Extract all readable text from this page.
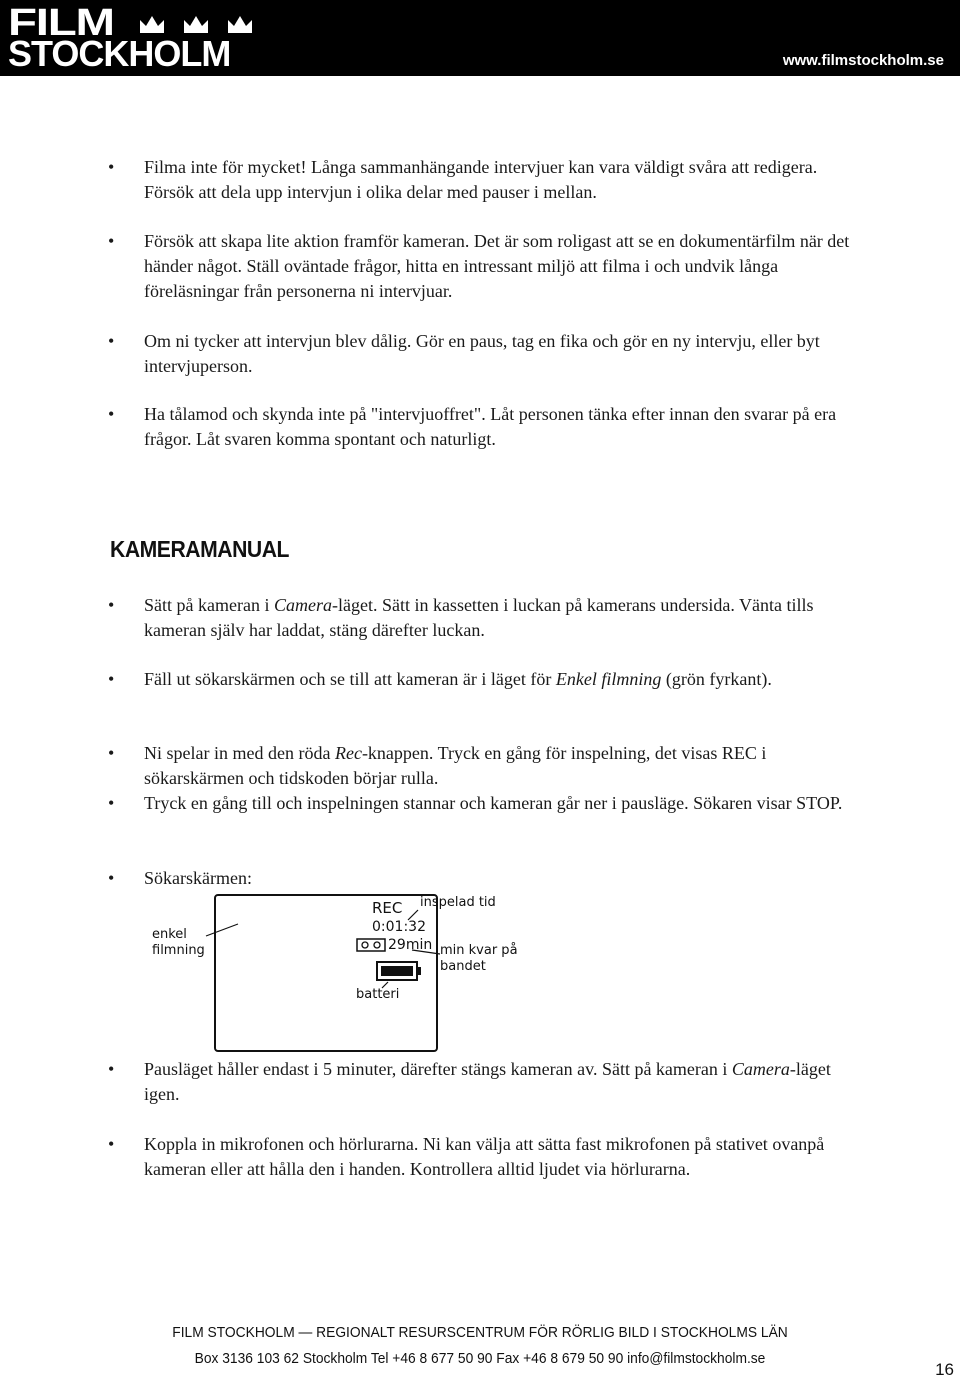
FILM
STOCKHOLM	www.filmstockholm.se
• Filma inte för mycket! Långa sammanhängande intervjuer kan vara väldigt svåra att redigera. Försök att dela upp intervjun i olika delar med pauser i mellan.
• Försök att skapa lite aktion framför kameran. Det är som roligast att se en dokumentärfilm när det händer något. Ställ oväntade frågor, hitta en intressant miljö att filma i och undvik långa föreläsningar från personerna ni intervjuar.
• Om ni tycker att intervjun blev dålig. Gör en paus, tag en fika och gör en ny intervju, eller byt intervjuperson.
• Ha tålamod och skynda inte på "intervjuoffret". Låt personen tänka efter innan den svarar på era frågor. Låt svaren komma spontant och naturligt.
KAMERAMANUAL
• Sätt på kameran i Camera-läget. Sätt in kassetten i luckan på kamerans undersida. Vänta tills kameran själv har laddat, stäng därefter luckan.
• Fäll ut sökarskärmen och se till att kameran är i läget för Enkel filmning (grön fyrkant).
• Ni spelar in med den röda Rec-knappen. Tryck en gång för inspelning, det visas REC i sökarskärmen och tidskoden börjar rulla.
• Tryck en gång till och inspelningen stannar och kameran går ner i pausläge. Sökaren visar STOP.
• Sökarskärmen:
REC inspelad tid
0:01:32
29min min kvar på
bandet
batteri
enkel
filmning
• Pausläget håller endast i 5 minuter, därefter stängs kameran av. Sätt på kameran i Camera-läget igen.
• Koppla in mikrofonen och hörlurarna. Ni kan välja att sätta fast mikrofonen på stativet ovanpå kameran eller att hålla den i handen. Kontrollera alltid ljudet via hörlurarna.
FILM STOCKHOLM — REGIONALT RESURSCENTRUM FÖR RÖRLIG BILD I STOCKHOLMS LÄN
Box 3136 103 62 Stockholm Tel +46 8 677 50 90 Fax +46 8 679 50 90 info@filmstockholm.se
16
